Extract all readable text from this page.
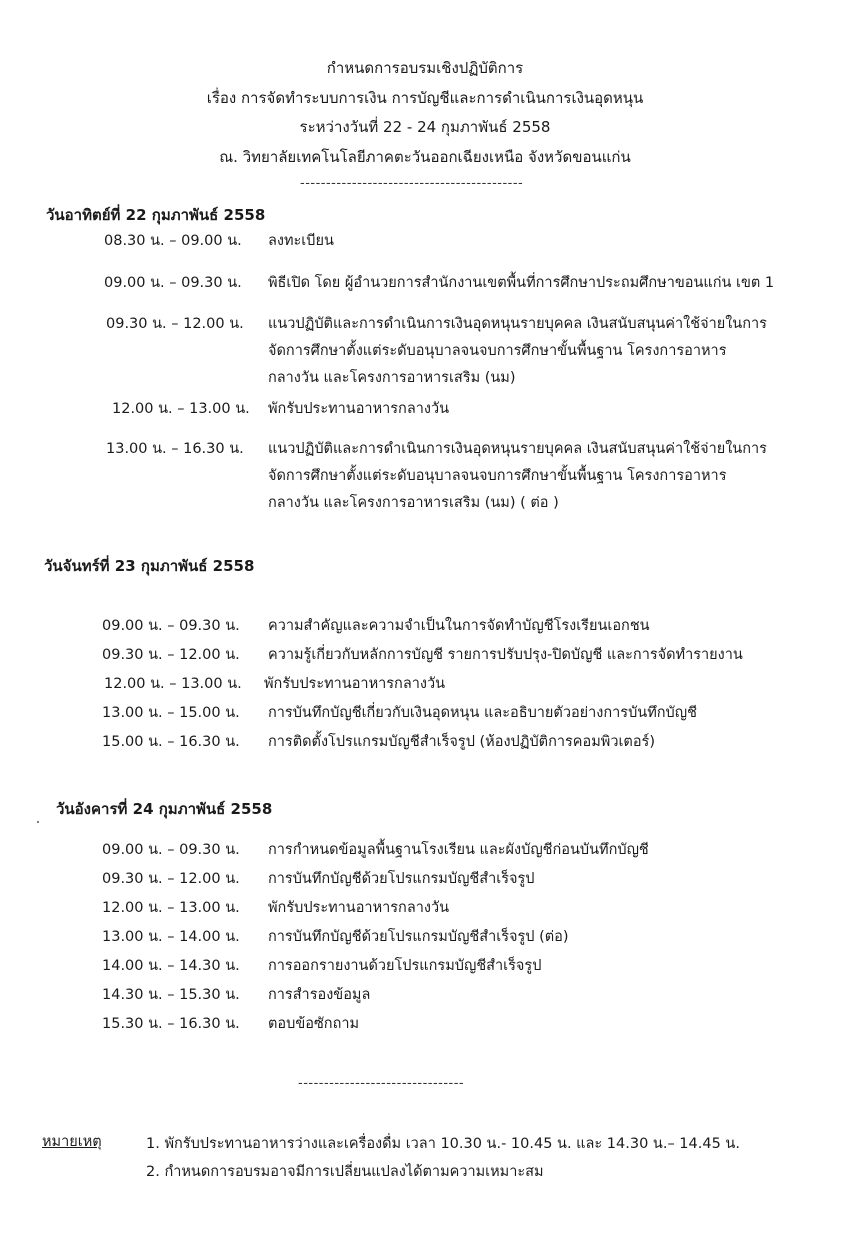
กำหนดการอบรมเชิงปฏิบัติการ
เรื่อง การจัดทำระบบการเงิน การบัญชีและการดำเนินการเงินอุดหนุน
ระหว่างวันที่ 22 - 24 กุมภาพันธ์ 2558
ณ. วิทยาลัยเทคโนโลยีภาคตะวันออกเฉียงเหนือ จังหวัดขอนแก่น
-------------------------------------------
วันอาทิตย์ที่ 22 กุมภาพันธ์ 2558
08.30 น. – 09.00 น. ลงทะเบียน
09.00 น. – 09.30 น. พิธีเปิด โดย ผู้อำนวยการสำนักงานเขตพื้นที่การศึกษาประถมศึกษาขอนแก่น เขต 1
09.30 น. – 12.00 น. แนวปฏิบัติและการดำเนินการเงินอุดหนุนรายบุคคล เงินสนับสนุนค่าใช้จ่ายในการ
จัดการศึกษาตั้งแต่ระดับอนุบาลจนจบการศึกษาขั้นพื้นฐาน โครงการอาหาร
กลางวัน และโครงการอาหารเสริม (นม)
12.00 น. – 13.00 น. พักรับประทานอาหารกลางวัน
13.00 น. – 16.30 น. แนวปฏิบัติและการดำเนินการเงินอุดหนุนรายบุคคล เงินสนับสนุนค่าใช้จ่ายในการ
จัดการศึกษาตั้งแต่ระดับอนุบาลจนจบการศึกษาขั้นพื้นฐาน โครงการอาหาร
กลางวัน และโครงการอาหารเสริม (นม) ( ต่อ )
วันจันทร์ที่ 23 กุมภาพันธ์ 2558
09.00 น. – 09.30 น. ความสำคัญและความจำเป็นในการจัดทำบัญชีโรงเรียนเอกชน
09.30 น. – 12.00 น. ความรู้เกี่ยวกับหลักการบัญชี รายการปรับปรุง-ปิดบัญชี และการจัดทำรายงาน
12.00 น. – 13.00 น. พักรับประทานอาหารกลางวัน
13.00 น. – 15.00 น. การบันทึกบัญชีเกี่ยวกับเงินอุดหนุน และอธิบายตัวอย่างการบันทึกบัญชี
15.00 น. – 16.30 น. การติดตั้งโปรแกรมบัญชีสำเร็จรูป (ห้องปฏิบัติการคอมพิวเตอร์)
วันอังคารที่ 24 กุมภาพันธ์ 2558
09.00 น. – 09.30 น. การกำหนดข้อมูลพื้นฐานโรงเรียน และผังบัญชีก่อนบันทึกบัญชี
09.30 น. – 12.00 น. การบันทึกบัญชีด้วยโปรแกรมบัญชีสำเร็จรูป
12.00 น. – 13.00 น. พักรับประทานอาหารกลางวัน
13.00 น. – 14.00 น. การบันทึกบัญชีด้วยโปรแกรมบัญชีสำเร็จรูป (ต่อ)
14.00 น. – 14.30 น. การออกรายงานด้วยโปรแกรมบัญชีสำเร็จรูป
14.30 น. – 15.30 น. การสำรองข้อมูล
15.30 น. – 16.30 น. ตอบข้อซักถาม
--------------------------------
หมายเหตุ	1. พักรับประทานอาหารว่างและเครื่องดื่ม เวลา 10.30 น.- 10.45 น. และ 14.30 น.– 14.45 น.
2. กำหนดการอบรมอาจมีการเปลี่ยนแปลงได้ตามความเหมาะสม
